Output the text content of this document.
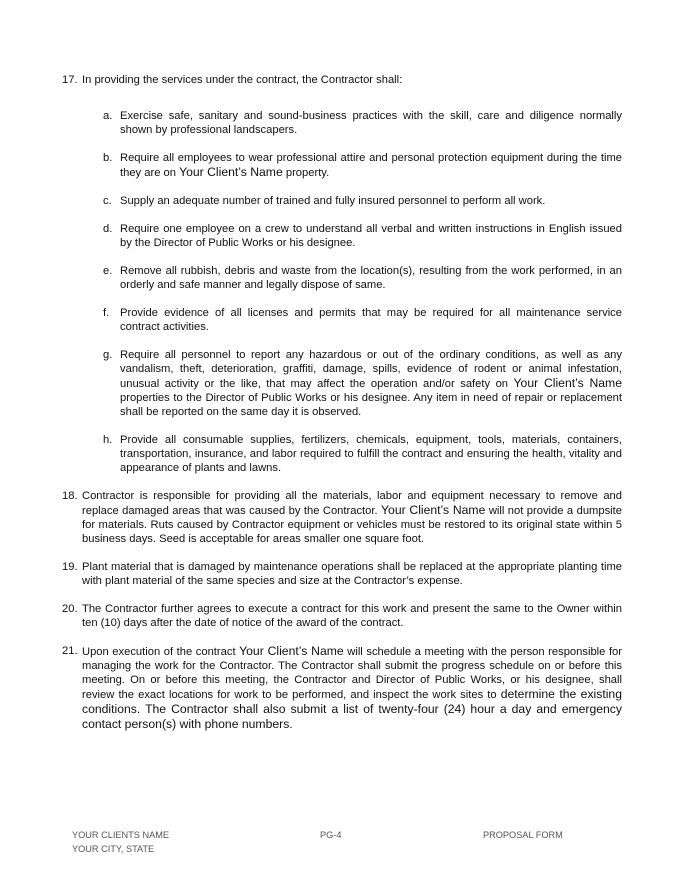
17. In providing the services under the contract, the Contractor shall:
a. Exercise safe, sanitary and sound-business practices with the skill, care and diligence normally shown by professional landscapers.
b. Require all employees to wear professional attire and personal protection equipment during the time they are on Your Client’s Name property.
c. Supply an adequate number of trained and fully insured personnel to perform all work.
d. Require one employee on a crew to understand all verbal and written instructions in English issued by the Director of Public Works or his designee.
e. Remove all rubbish, debris and waste from the location(s), resulting from the work performed, in an orderly and safe manner and legally dispose of same.
f. Provide evidence of all licenses and permits that may be required for all maintenance service contract activities.
g. Require all personnel to report any hazardous or out of the ordinary conditions, as well as any vandalism, theft, deterioration, graffiti, damage, spills, evidence of rodent or animal infestation, unusual activity or the like, that may affect the operation and/or safety on Your Client’s Name properties to the Director of Public Works or his designee. Any item in need of repair or replacement shall be reported on the same day it is observed.
h. Provide all consumable supplies, fertilizers, chemicals, equipment, tools, materials, containers, transportation, insurance, and labor required to fulfill the contract and ensuring the health, vitality and appearance of plants and lawns.
18. Contractor is responsible for providing all the materials, labor and equipment necessary to remove and replace damaged areas that was caused by the Contractor. Your Client’s Name will not provide a dumpsite for materials. Ruts caused by Contractor equipment or vehicles must be restored to its original state within 5 business days. Seed is acceptable for areas smaller one square foot.
19. Plant material that is damaged by maintenance operations shall be replaced at the appropriate planting time with plant material of the same species and size at the Contractor’s expense.
20. The Contractor further agrees to execute a contract for this work and present the same to the Owner within ten (10) days after the date of notice of the award of the contract.
21. Upon execution of the contract Your Client’s Name will schedule a meeting with the person responsible for managing the work for the Contractor. The Contractor shall submit the progress schedule on or before this meeting. On or before this meeting, the Contractor and Director of Public Works, or his designee, shall review the exact locations for work to be performed, and inspect the work sites to determine the existing conditions. The Contractor shall also submit a list of twenty-four (24) hour a day and emergency contact person(s) with phone numbers.
YOUR CLIENTS NAME
YOUR CITY, STATE
PG-4	PROPOSAL FORM
